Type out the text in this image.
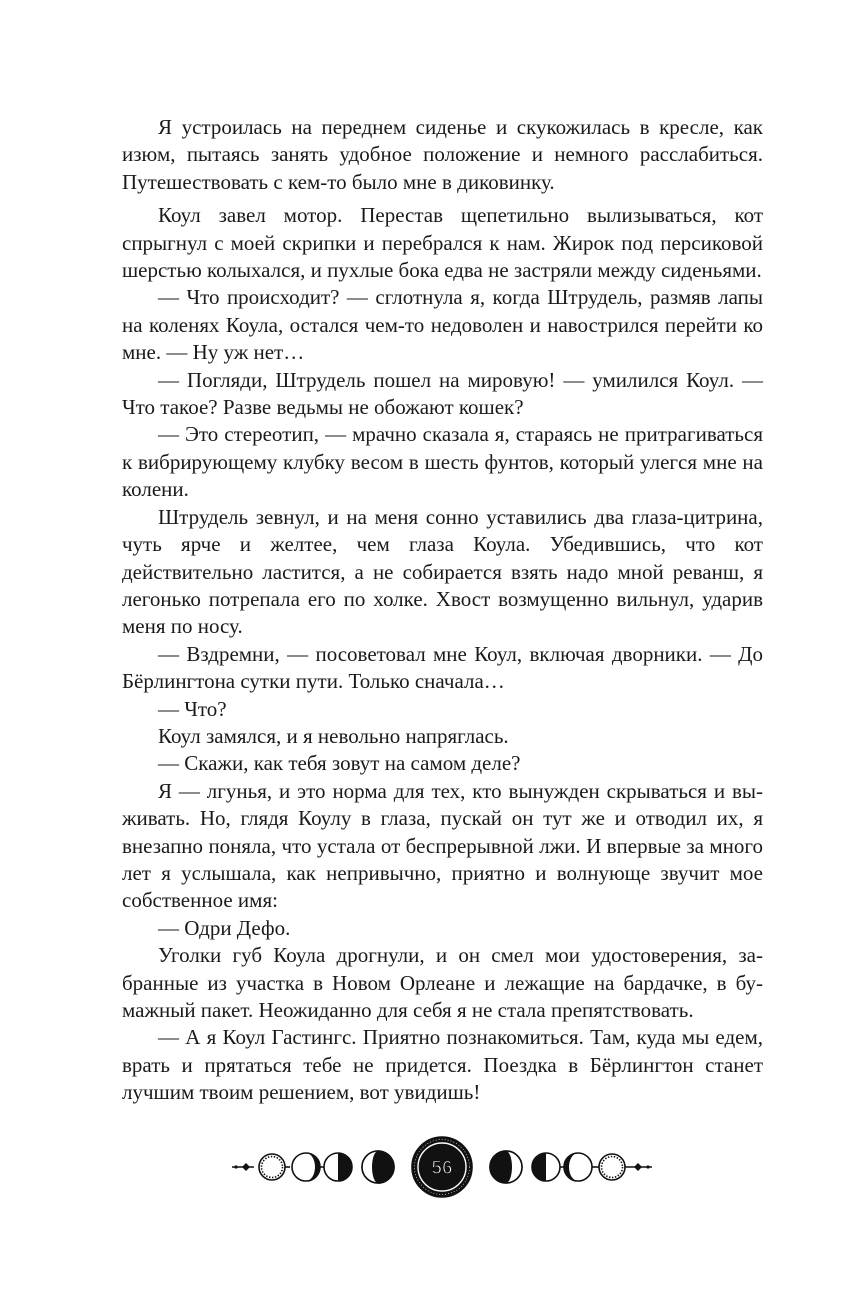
Я устроилась на переднем сиденье и скукожилась в кресле, как изюм, пытаясь занять удобное положение и немного расслабиться. Путешествовать с кем-то было мне в диковинку.

Коул завел мотор. Перестав щепетильно вылизываться, кот спрыгнул с моей скрипки и перебрался к нам. Жирок под персиковой шерстью колыхался, и пухлые бока едва не застряли между сиденьями.

— Что происходит? — сглотнула я, когда Штрудель, размяв лапы на коленях Коула, остался чем-то недоволен и навострился перейти ко мне. — Ну уж нет…

— Погляди, Штрудель пошел на мировую! — умилился Коул. — Что такое? Разве ведьмы не обожают кошек?

— Это стереотип, — мрачно сказала я, стараясь не притрагиваться к вибрирующему клубку весом в шесть фунтов, который улегся мне на колени.

Штрудель зевнул, и на меня сонно уставились два глаза-цитрина, чуть ярче и желтее, чем глаза Коула. Убедившись, что кот действительно ластится, а не собирается взять надо мной реванш, я легонько потрепала его по холке. Хвост возмущенно вильнул, ударив меня по носу.

— Вздремни, — посоветовал мне Коул, включая дворники. — До Бёрлингтона сутки пути. Только сначала…

— Что?

Коул замялся, и я невольно напряглась.

— Скажи, как тебя зовут на самом деле?

Я — лгунья, и это норма для тех, кто вынужден скрываться и выживать. Но, глядя Коулу в глаза, пускай он тут же и отводил их, я внезапно поняла, что устала от беспрерывной лжи. И впервые за много лет я услышала, как непривычно, приятно и волнующе звучит мое собственное имя:

— Одри Дефо.

Уголки губ Коула дрогнули, и он смел мои удостоверения, забранные из участка в Новом Орлеане и лежащие на бардачке, в бумажный пакет. Неожиданно для себя я не стала препятствовать.

— А я Коул Гастингс. Приятно познакомиться. Там, куда мы едем, врать и прятаться тебе не придется. Поездка в Бёрлингтон станет лучшим твоим решением, вот увидишь!

56
